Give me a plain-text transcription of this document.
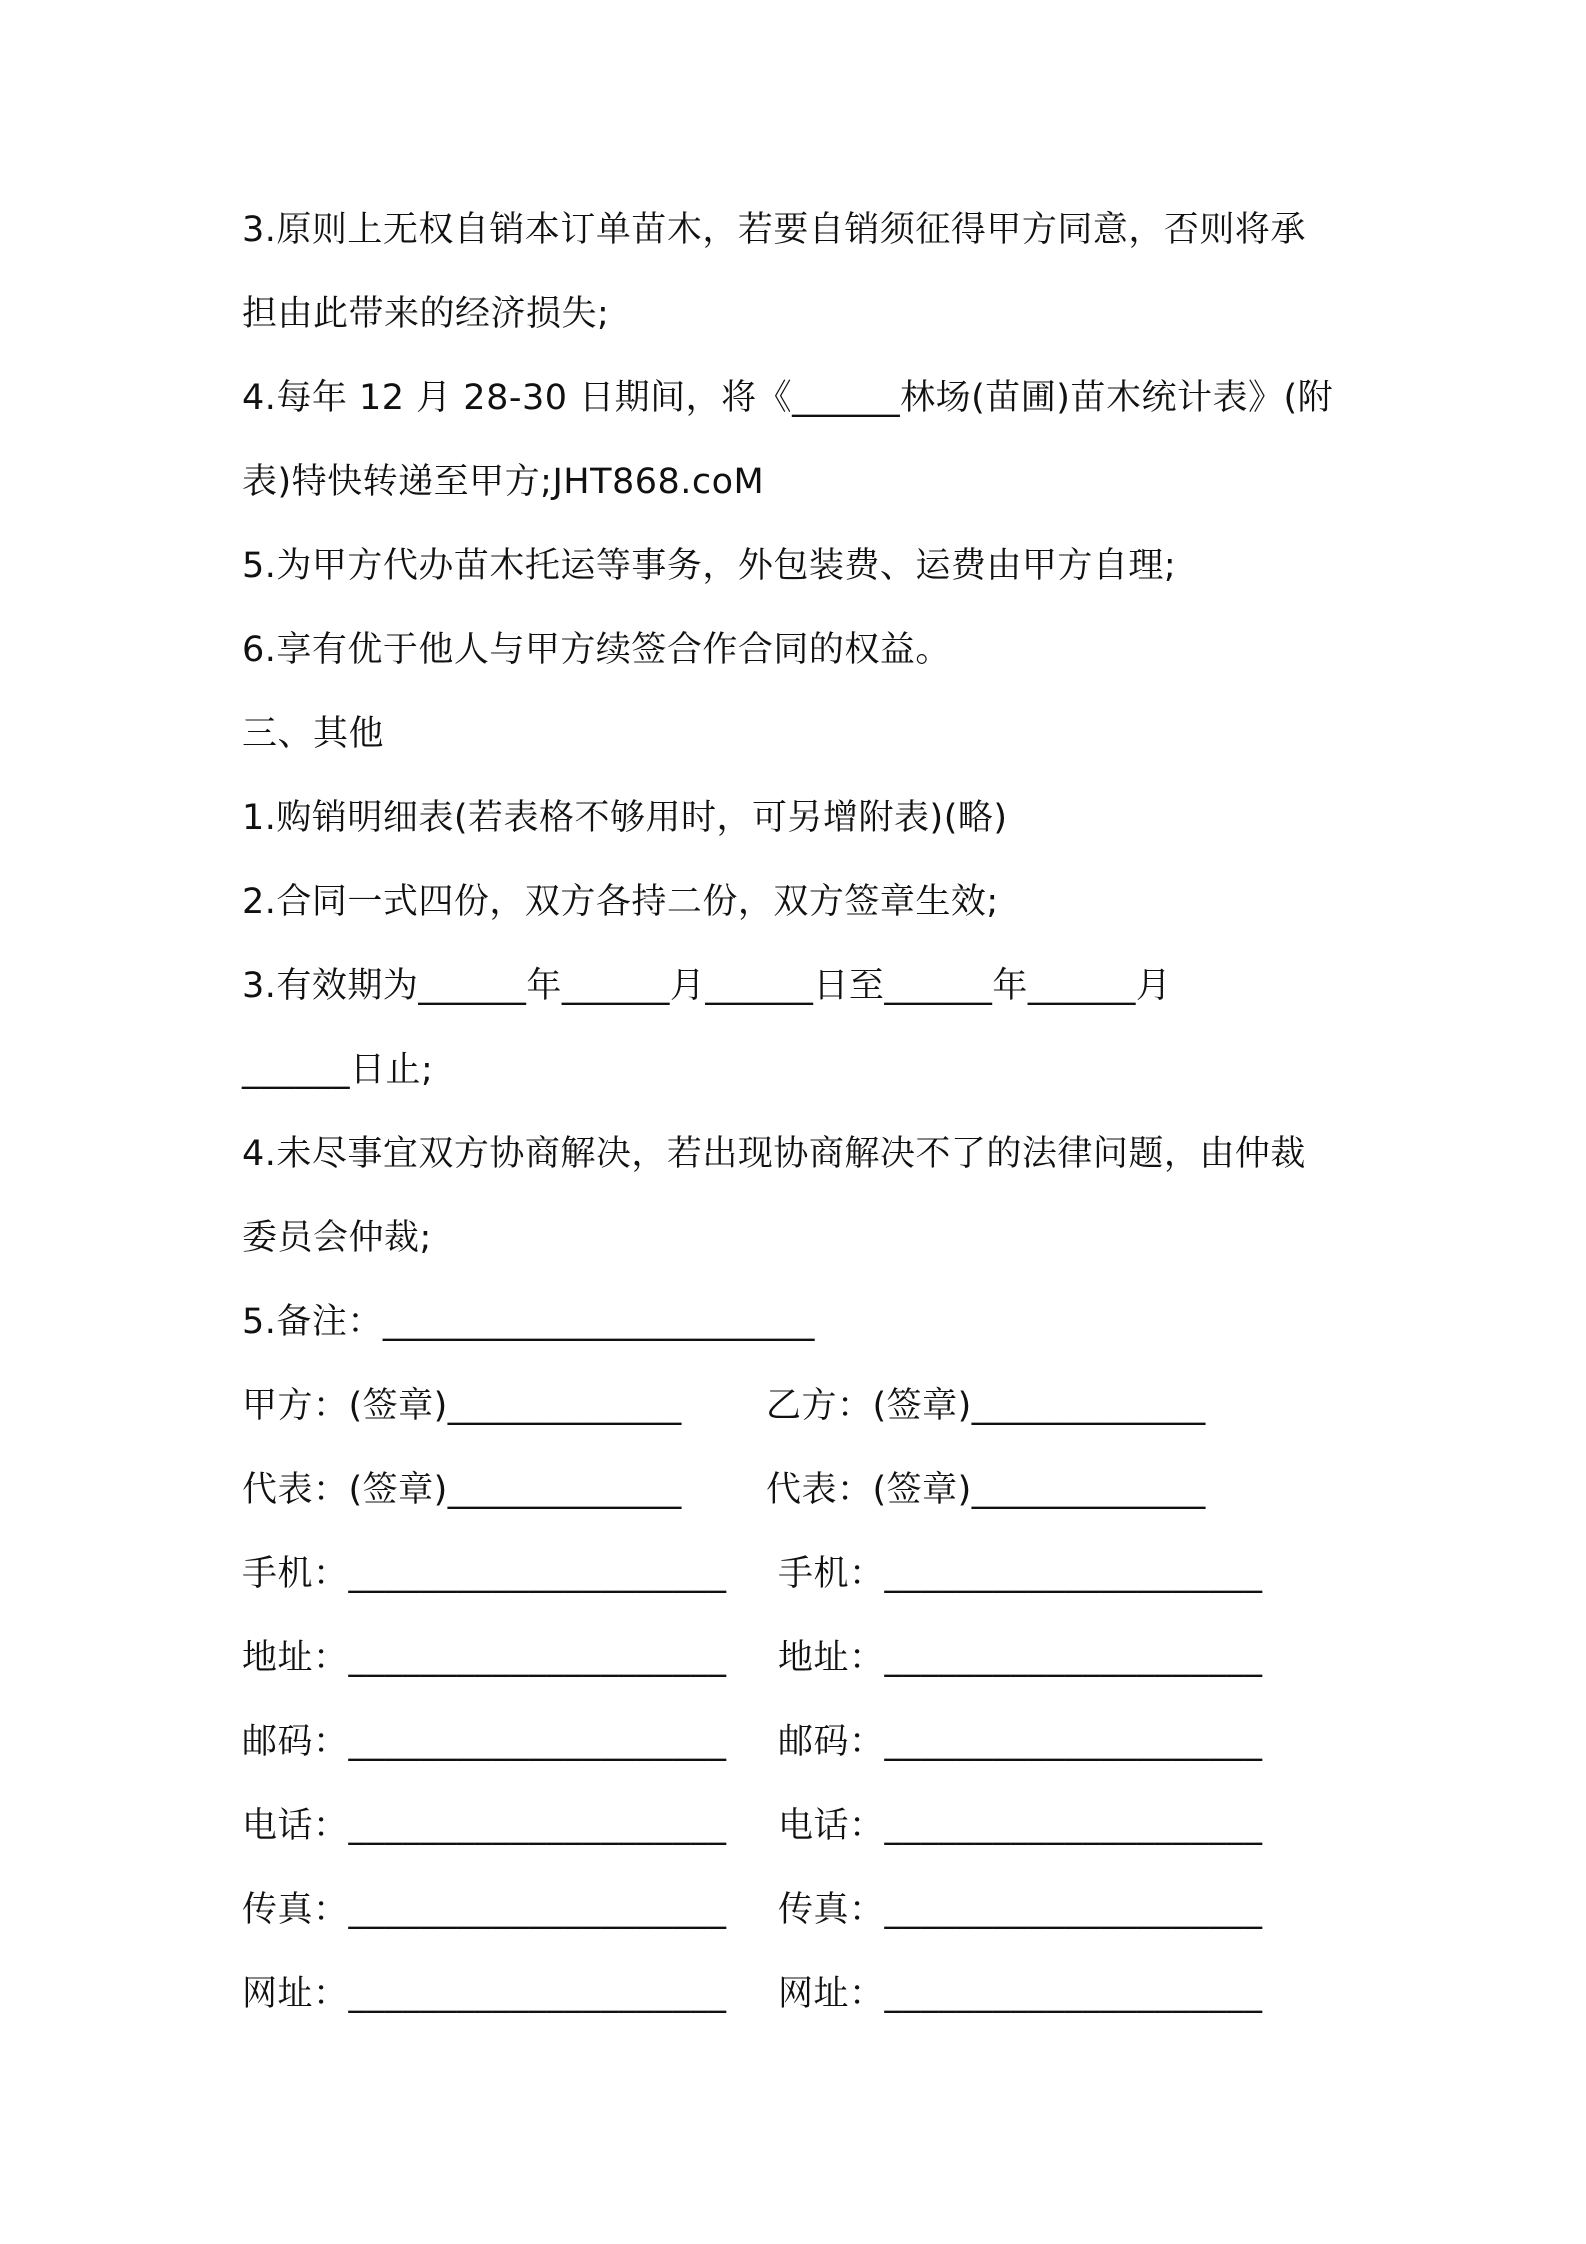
3.原则上无权自销本订单苗木，若要自销须征得甲方同意，否则将承
担由此带来的经济损失;
4.每年 12 月 28-30 日期间，将《______林场(苗圃)苗木统计表》(附
表)特快转递至甲方;JHT868.coM
5.为甲方代办苗木托运等事务，外包装费、运费由甲方自理;
6.享有优于他人与甲方续签合作合同的权益。
三、其他
1.购销明细表(若表格不够用时，可另增附表)(略)
2.合同一式四份，双方各持二份，双方签章生效;
3.有效期为______年______月______日至______年______月
______日止;
4.未尽事宜双方协商解决，若出现协商解决不了的法律问题，由仲裁
委员会仲裁;
5.备注：________________________
甲方：(签章)_____________ 乙方：(签章)_____________
代表：(签章)_____________ 代表：(签章)_____________
手机：_____________________ 手机：_____________________
地址：_____________________ 地址：_____________________
邮码：_____________________ 邮码：_____________________
电话：_____________________ 电话：_____________________
传真：_____________________ 传真：_____________________
网址：_____________________ 网址：_____________________
